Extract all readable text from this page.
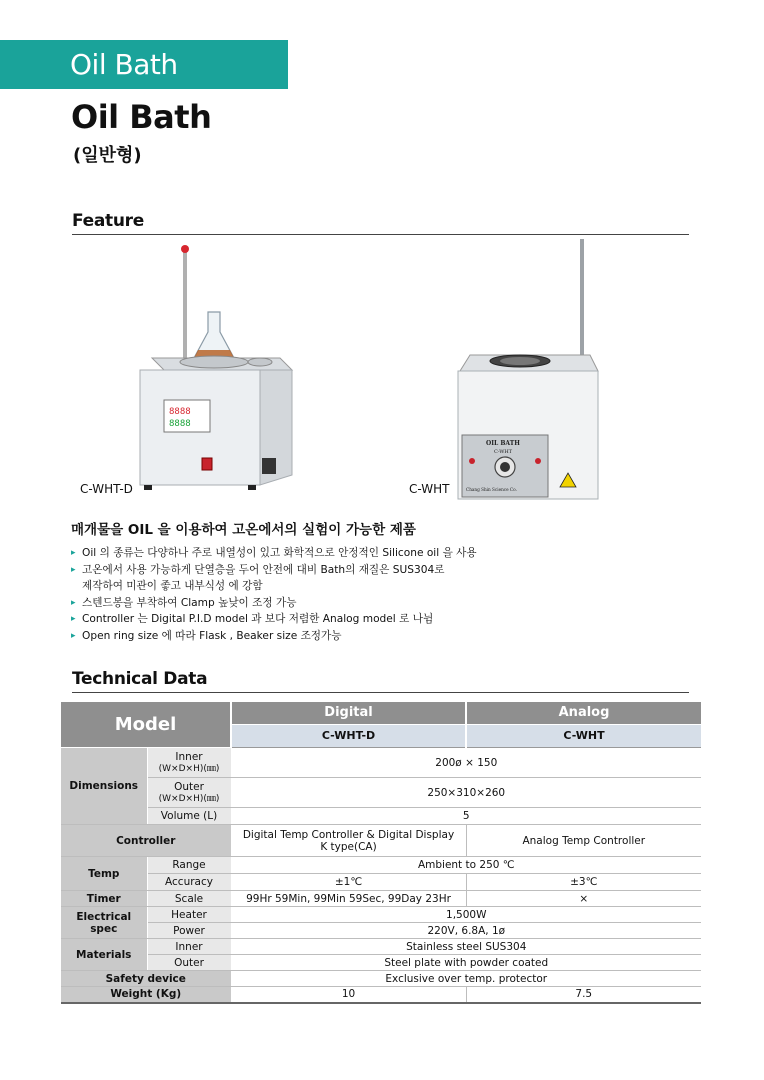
Oil Bath
Oil Bath
(일반형)
Feature
8888
8888
C-WHT-D
OIL BATH
C-WHT
Chang Shin Science Co.
C-WHT
매개물을 OIL 을 이용하여 고온에서의 실험이 가능한 제품
▸ Oil 의 종류는 다양하나 주로 내열성이 있고 화학적으로 안정적인 Silicone oil 을 사용
▸ 고온에서 사용 가능하게 단열층을 두어 안전에 대비 Bath의 재질은 SUS304로
제작하여 미관이 좋고 내부식성 에 강함
▸ 스텐드봉을 부착하여 Clamp 높낮이 조정 가능
▸ Controller 는 Digital P.I.D model 과 보다 저렴한 Analog model 로 나뉨
▸ Open ring size 에 따라 Flask , Beaker size 조정가능
Technical Data
Model		Digital	Analog
		C-WHT-D	C-WHT
Dimensions	Inner
(W×D×H)(㎜)	200ø × 150	

	Outer
(W×D×H)(㎜)	250×310×260	
	Volume (L)	5	
Controller		Digital Temp Controller & Digital Display
K type(CA)	Analog Temp Controller
Temp	Range	Ambient to 250 ℃	
	Accuracy	±1℃	±3℃
Timer	Scale	99Hr 59Min, 99Min 59Sec, 99Day 23Hr	×
Electrical spec	Heater	1,500W	
	Power	220V, 6.8A, 1ø	
Materials	Inner	Stainless steel SUS304	
	Outer	Steel plate with powder coated	
Safety device		Exclusive over temp. protector	
Weight (Kg)		10	7.5
